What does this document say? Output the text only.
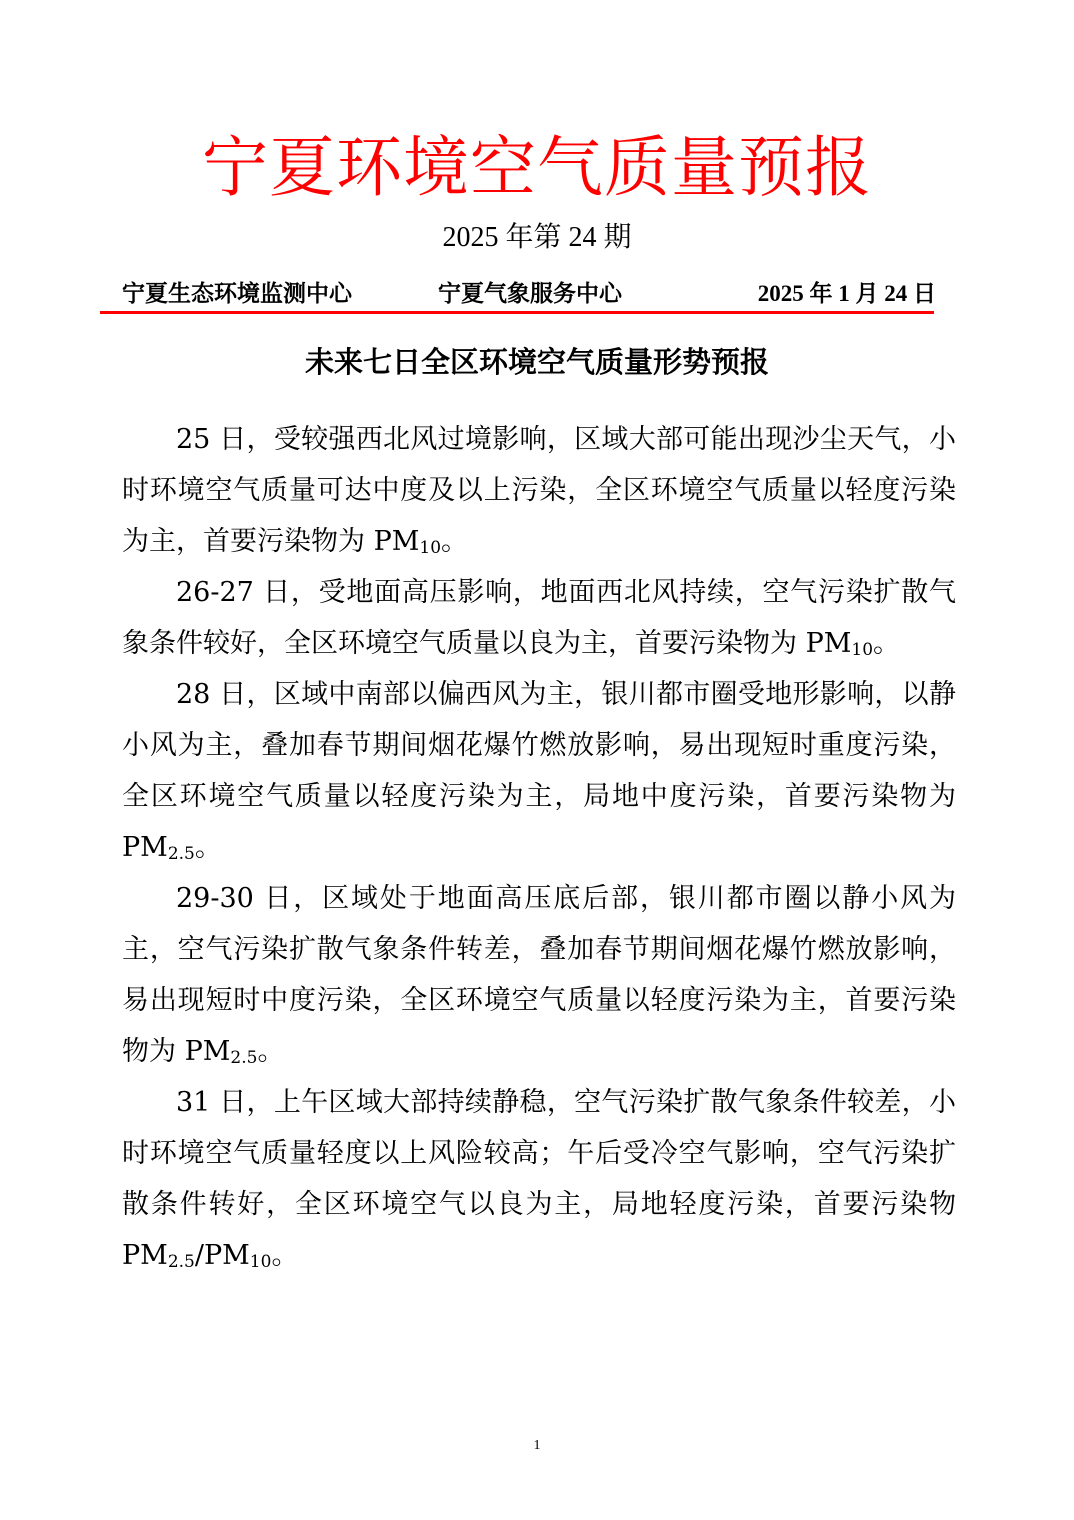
宁夏环境空气质量预报
2025 年第 24 期
宁夏生态环境监测中心	宁夏气象服务中心	2025 年 1 月 24 日
未来七日全区环境空气质量形势预报

25 日，受较强西北风过境影响，区域大部可能出现沙尘天气，小时环境空气质量可达中度及以上污染，全区环境空气质量以轻度污染为主，首要污染物为 $PM_{10}$。

26-27 日，受地面高压影响，地面西北风持续，空气污染扩散气象条件较好，全区环境空气质量以良为主，首要污染物为 $PM_{10}$。

28 日，区域中南部以偏西风为主，银川都市圈受地形影响，以静小风为主，叠加春节期间烟花爆竹燃放影响，易出现短时重度污染，全区环境空气质量以轻度污染为主，局地中度污染，首要污染物为 $PM_{2.5}$。

29-30 日，区域处于地面高压底后部，银川都市圈以静小风为主，空气污染扩散气象条件转差，叠加春节期间烟花爆竹燃放影响，易出现短时中度污染，全区环境空气质量以轻度污染为主，首要污染物为 $PM_{2.5}$。

31 日，上午区域大部持续静稳，空气污染扩散气象条件较差，小时环境空气质量轻度以上风险较高；午后受冷空气影响，空气污染扩散条件转好，全区环境空气以良为主，局地轻度污染，首要污染物 $PM_{2.5}/PM_{10}$。

1
